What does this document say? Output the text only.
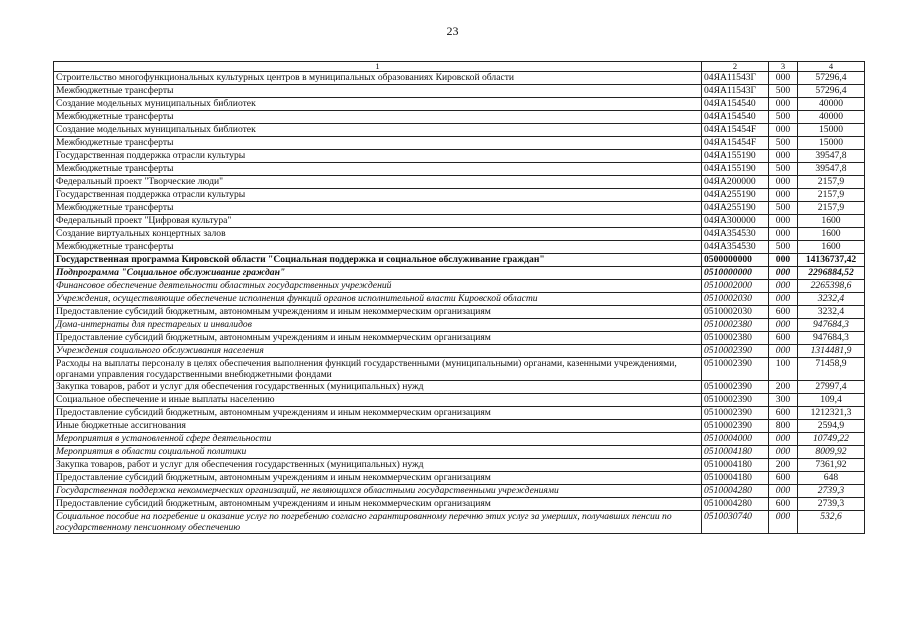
23
1	2	3	4
Строительство многофункциональных культурных центров в муниципальных образованиях Кировской области	04ЯА11543Г	000	57296,4
Межбюджетные трансферты	04ЯА11543Г	500	57296,4
Создание модельных муниципальных библиотек	04ЯА154540	000	40000
Межбюджетные трансферты	04ЯА154540	500	40000
Создание модельных муниципальных библиотек	04ЯА15454F	000	15000
Межбюджетные трансферты	04ЯА15454F	500	15000
Государственная поддержка отрасли культуры	04ЯА155190	000	39547,8
Межбюджетные трансферты	04ЯА155190	500	39547,8
Федеральный проект "Творческие люди"	04ЯА200000	000	2157,9
Государственная поддержка отрасли культуры	04ЯА255190	000	2157,9
Межбюджетные трансферты	04ЯА255190	500	2157,9
Федеральный проект "Цифровая культура"	04ЯА300000	000	1600
Создание виртуальных концертных залов	04ЯА354530	000	1600
Межбюджетные трансферты	04ЯА354530	500	1600
Государственная программа Кировской области "Социальная поддержка и социальное обслуживание граждан"	0500000000	000	14136737,42
Подпрограмма "Социальное обслуживание граждан"	0510000000	000	2296884,52
Финансовое обеспечение деятельности областных государственных учреждений	0510002000	000	2265398,6
Учреждения, осуществляющие обеспечение исполнения функций органов исполнительной власти Кировской области	0510002030	000	3232,4
Предоставление субсидий бюджетным, автономным учреждениям и иным некоммерческим организациям	0510002030	600	3232,4
Дома-интернаты для престарелых и инвалидов	0510002380	000	947684,3
Предоставление субсидий бюджетным, автономным учреждениям и иным некоммерческим организациям	0510002380	600	947684,3
Учреждения социального обслуживания населения	0510002390	000	1314481,9
Расходы на выплаты персоналу в целях обеспечения выполнения функций государственными (муниципальными) органами, казенными учреждениями, органами управления государственными внебюджетными фондами	0510002390	100	71458,9
Закупка товаров, работ и услуг для обеспечения государственных (муниципальных) нужд	0510002390	200	27997,4
Социальное обеспечение и иные выплаты населению	0510002390	300	109,4
Предоставление субсидий бюджетным, автономным учреждениям и иным некоммерческим организациям	0510002390	600	1212321,3
Иные бюджетные ассигнования	0510002390	800	2594,9
Мероприятия в установленной сфере деятельности	0510004000	000	10749,22
Мероприятия в области социальной политики	0510004180	000	8009,92
Закупка товаров, работ и услуг для обеспечения государственных (муниципальных) нужд	0510004180	200	7361,92
Предоставление субсидий бюджетным, автономным учреждениям и иным некоммерческим организациям	0510004180	600	648
Государственная поддержка некоммерческих организаций, не являющихся областными государственными учреждениями	0510004280	000	2739,3
Предоставление субсидий бюджетным, автономным учреждениям и иным некоммерческим организациям	0510004280	600	2739,3
Социальное пособие на погребение и оказание услуг по погребению согласно гарантированному перечню этих услуг за умерших, получавших пенсии по государственному пенсионному обеспечению	0510030740	000	532,6
